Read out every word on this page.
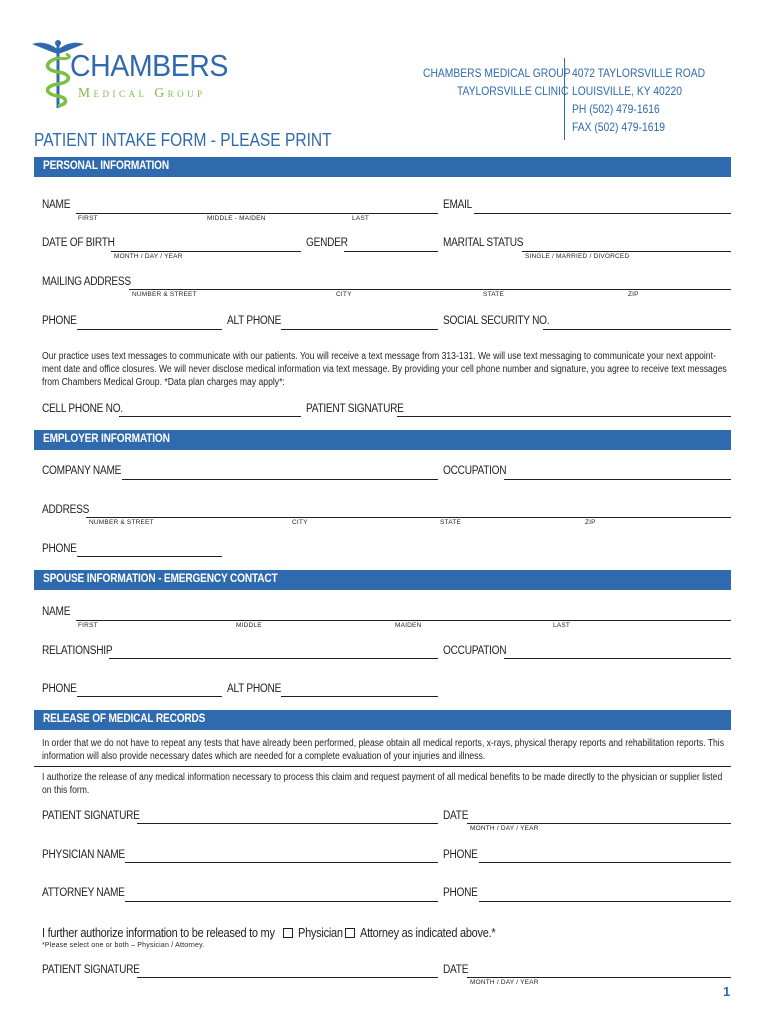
CHAMBERS
Medical Group
CHAMBERS MEDICAL GROUP
TAYLORSVILLE CLINIC
4072 TAYLORSVILLE ROAD
LOUISVILLE, KY 40220
PH (502) 479-1616
FAX (502) 479-1619
PATIENT INTAKE FORM - PLEASE PRINT
PERSONAL INFORMATION
NAME
FIRST	MIDDLE - MAIDEN	LAST
EMAIL
DATE OF BIRTH
MONTH / DAY / YEAR
GENDER	MARITAL STATUS
SINGLE / MARRIED / DIVORCED
MAILING ADDRESS
NUMBER & STREET	CITY	STATE	ZIP
PHONE	ALT PHONE	SOCIAL SECURITY NO.
Our practice uses text messages to communicate with our patients. You will receive a text message from 313-131. We will use text messaging to communicate your next appoint-
ment date and office closures. We will never disclose medical information via text message. By providing your cell phone number and signature, you agree to receive text messages
from Chambers Medical Group. *Data plan charges may apply*:
CELL PHONE NO.	PATIENT SIGNATURE
EMPLOYER INFORMATION
COMPANY NAME	OCCUPATION
ADDRESS
NUMBER & STREET	CITY	STATE	ZIP
PHONE
SPOUSE INFORMATION - EMERGENCY CONTACT
NAME
FIRST	MIDDLE	MAIDEN	LAST
RELATIONSHIP	OCCUPATION
PHONE	ALT PHONE
RELEASE OF MEDICAL RECORDS
In order that we do not have to repeat any tests that have already been performed, please obtain all medical reports, x-rays, physical therapy reports and rehabilitation reports. This
information will also provide necessary dates which are needed for a complete evaluation of your injuries and illness.
I authorize the release of any medical information necessary to process this claim and request payment of all medical benefits to be made directly to the physician or supplier listed
on this form.
PATIENT SIGNATURE	DATE
MONTH / DAY / YEAR
PHYSICIAN NAME	PHONE
ATTORNEY NAME	PHONE
I further authorize information to be released to my Physician Attorney as indicated above.*
*Please select one or both – Physician / Attorney.
PATIENT SIGNATURE	DATE
MONTH / DAY / YEAR
1
